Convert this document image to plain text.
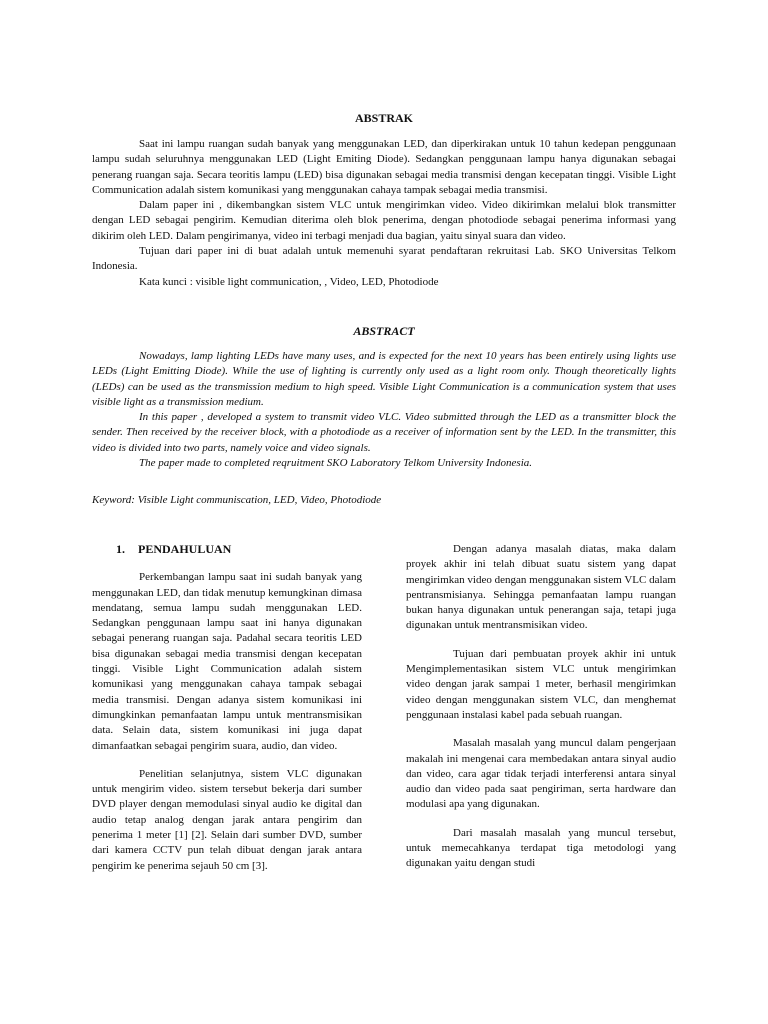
ABSTRAK

Saat ini lampu ruangan sudah banyak yang menggunakan LED, dan diperkirakan untuk 10 tahun kedepan penggunaan lampu sudah seluruhnya menggunakan LED (Light Emiting Diode). Sedangkan penggunaan lampu hanya digunakan sebagai penerang ruangan saja. Secara teoritis lampu (LED) bisa digunakan sebagai media transmisi dengan kecepatan tinggi. Visible Light Communication adalah sistem komunikasi yang menggunakan cahaya tampak sebagai media transmisi.

Dalam paper ini , dikembangkan sistem VLC untuk mengirimkan video. Video dikirimkan melalui blok transmitter dengan LED sebagai pengirim. Kemudian diterima oleh blok penerima, dengan photodiode sebagai penerima informasi yang dikirim oleh LED. Dalam pengirimanya, video ini terbagi menjadi dua bagian, yaitu sinyal suara dan video.

Tujuan dari paper ini di buat adalah untuk memenuhi syarat pendaftaran rekruitasi Lab. SKO Universitas Telkom Indonesia.

Kata kunci : visible light communication, , Video, LED, Photodiode

ABSTRACT

Nowadays, lamp lighting LEDs have many uses, and is expected for the next 10 years has been entirely using lights use LEDs (Light Emitting Diode). While the use of lighting is currently only used as a light room only. Though theoretically lights (LEDs) can be used as the transmission medium to high speed. Visible Light Communication is a communication system that uses visible light as a transmission medium.

In this paper , developed a system to transmit video VLC. Video submitted through the LED as a transmitter block the sender. Then received by the receiver block, with a photodiode as a receiver of information sent by the LED. In the transmitter, this video is divided into two parts, namely voice and video signals.

The paper made to completed reqruitment SKO Laboratory Telkom University Indonesia.

Keyword: Visible Light communiscation, LED, Video, Photodiode

1. PENDAHULUAN

Perkembangan lampu saat ini sudah banyak yang menggunakan LED, dan tidak menutup kemungkinan dimasa mendatang, semua lampu sudah menggunakan LED. Sedangkan penggunaan lampu saat ini hanya digunakan sebagai penerang ruangan saja. Padahal secara teoritis LED bisa digunakan sebagai media transmisi dengan kecepatan tinggi. Visible Light Communication adalah sistem komunikasi yang menggunakan cahaya tampak sebagai media transmisi. Dengan adanya sistem komunikasi ini dimungkinkan pemanfaatan lampu untuk mentransmisikan data. Selain data, sistem komunikasi ini juga dapat dimanfaatkan sebagai pengirim suara, audio, dan video.

Penelitian selanjutnya, sistem VLC digunakan untuk mengirim video. sistem tersebut bekerja dari sumber DVD player dengan memodulasi sinyal audio ke digital dan audio tetap analog dengan jarak antara pengirim dan penerima 1 meter [1] [2]. Selain dari sumber DVD, sumber dari kamera CCTV pun telah dibuat dengan jarak antara pengirim ke penerima sejauh 50 cm [3].

Dengan adanya masalah diatas, maka dalam proyek akhir ini telah dibuat suatu sistem yang dapat mengirimkan video dengan menggunakan sistem VLC dalam pentransmisianya. Sehingga pemanfaatan lampu ruangan bukan hanya digunakan untuk penerangan saja, tetapi juga digunakan untuk mentransmisikan video.

Tujuan dari pembuatan proyek akhir ini untuk Mengimplementasikan sistem VLC untuk mengirimkan video dengan jarak sampai 1 meter, berhasil mengirimkan video dengan menggunakan sistem VLC, dan menghemat penggunaan instalasi kabel pada sebuah ruangan.

Masalah masalah yang muncul dalam pengerjaan makalah ini mengenai cara membedakan antara sinyal audio dan video, cara agar tidak terjadi interferensi antara sinyal audio dan video pada saat pengiriman, serta hardware dan modulasi apa yang digunakan.

Dari masalah masalah yang muncul tersebut, untuk memecahkanya terdapat tiga metodologi yang digunakan yaitu dengan studi
